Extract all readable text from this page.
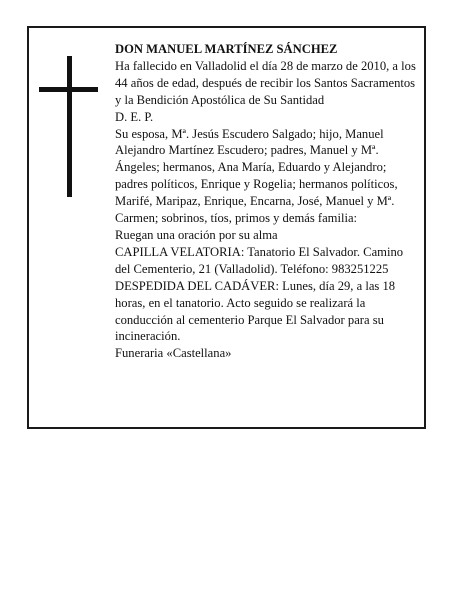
DON MANUEL MARTÍNEZ SÁNCHEZ

Ha fallecido en Valladolid el día 28 de marzo de 2010, a los 44 años de edad, después de recibir los Santos Sacramentos y la Bendición Apostólica de Su Santidad

D. E. P.

Su esposa, Mª. Jesús Escudero Salgado; hijo, Manuel Alejandro Martínez Escudero; padres, Manuel y Mª. Ángeles; hermanos, Ana María, Eduardo y Alejandro; padres políticos, Enrique y Rogelia; hermanos políticos, Marifé, Maripaz, Enrique, Encarna, José, Manuel y Mª. Carmen; sobrinos, tíos, primos y demás familia:

Ruegan una oración por su alma

CAPILLA VELATORIA: Tanatorio El Salvador. Camino del Cementerio, 21 (Valladolid). Teléfono: 983251225

DESPEDIDA DEL CADÁVER: Lunes, día 29, a las 18 horas, en el tanatorio. Acto seguido se realizará la conducción al cementerio Parque El Salvador para su incineración.

Funeraria «Castellana»
